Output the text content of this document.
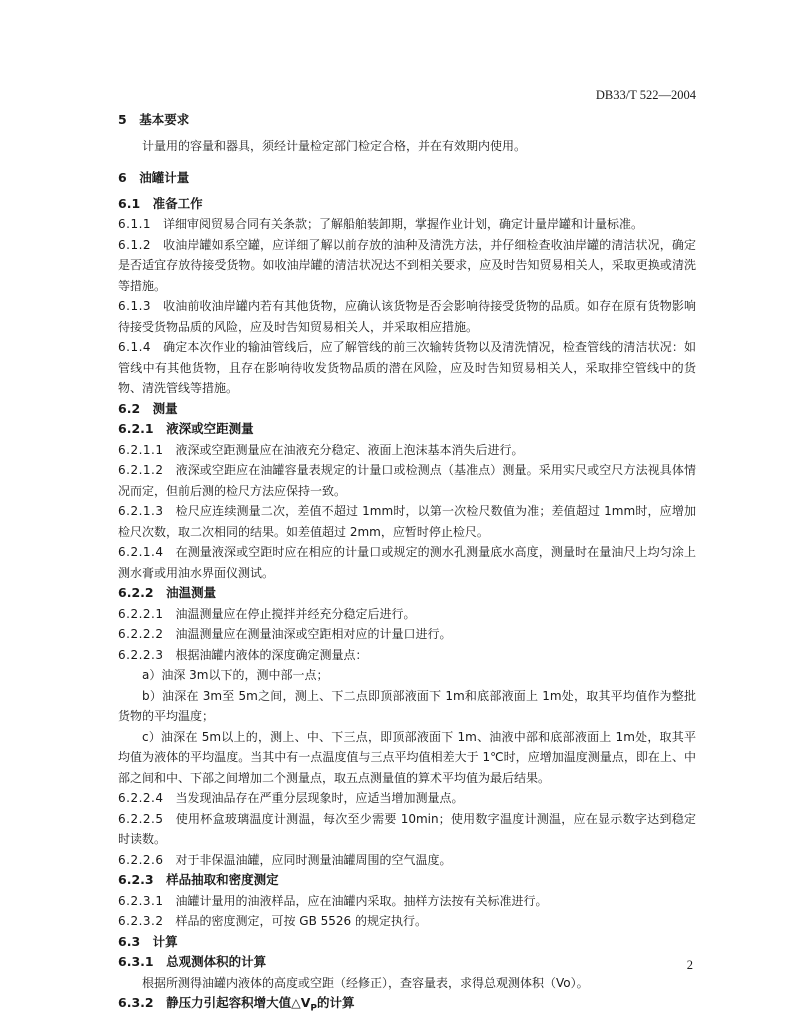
DB33/T 522—2004
5 基本要求
计量用的容量和器具，须经计量检定部门检定合格，并在有效期内使用。
6 油罐计量
6.1 准备工作
6.1.1 详细审阅贸易合同有关条款；了解船舶装卸期，掌握作业计划，确定计量岸罐和计量标准。
6.1.2 收油岸罐如系空罐，应详细了解以前存放的油种及清洗方法，并仔细检查收油岸罐的清洁状况，确定是否适宜存放待接受货物。如收油岸罐的清洁状况达不到相关要求，应及时告知贸易相关人，采取更换或清洗等措施。
6.1.3 收油前收油岸罐内若有其他货物，应确认该货物是否会影响待接受货物的品质。如存在原有货物影响待接受货物品质的风险，应及时告知贸易相关人，并采取相应措施。
6.1.4 确定本次作业的输油管线后，应了解管线的前三次输转货物以及清洗情况，检查管线的清洁状况：如管线中有其他货物，且存在影响待收发货物品质的潜在风险，应及时告知贸易相关人，采取排空管线中的货物、清洗管线等措施。
6.2 测量
6.2.1 液深或空距测量
6.2.1.1 液深或空距测量应在油液充分稳定、液面上泡沫基本消失后进行。
6.2.1.2 液深或空距应在油罐容量表规定的计量口或检测点（基准点）测量。采用实尺或空尺方法视具体情况而定，但前后测的检尺方法应保持一致。
6.2.1.3 检尺应连续测量二次，差值不超过 1mm时，以第一次检尺数值为准；差值超过 1mm时，应增加检尺次数，取二次相同的结果。如差值超过 2mm，应暂时停止检尺。
6.2.1.4 在测量液深或空距时应在相应的计量口或规定的测水孔测量底水高度，测量时在量油尺上均匀涂上测水膏或用油水界面仪测试。
6.2.2 油温测量
6.2.2.1 油温测量应在停止搅拌并经充分稳定后进行。
6.2.2.2 油温测量应在测量油深或空距相对应的计量口进行。
6.2.2.3 根据油罐内液体的深度确定测量点：
a）油深 3m以下的，测中部一点；
b）油深在 3m至 5m之间，测上、下二点即顶部液面下 1m和底部液面上 1m处，取其平均值作为整批货物的平均温度；
c）油深在 5m以上的，测上、中、下三点，即顶部液面下 1m、油液中部和底部液面上 1m处，取其平均值为液体的平均温度。当其中有一点温度值与三点平均值相差大于 1℃时，应增加温度测量点，即在上、中部之间和中、下部之间增加二个测量点，取五点测量值的算术平均值为最后结果。
6.2.2.4 当发现油品存在严重分层现象时，应适当增加测量点。
6.2.2.5 使用杯盒玻璃温度计测温，每次至少需要 10min；使用数字温度计测温，应在显示数字达到稳定时读数。
6.2.2.6 对于非保温油罐，应同时测量油罐周围的空气温度。
6.2.3 样品抽取和密度测定
6.2.3.1 油罐计量用的油液样品，应在油罐内采取。抽样方法按有关标准进行。
6.2.3.2 样品的密度测定，可按 GB 5526 的规定执行。
6.3 计算
6.3.1 总观测体积的计算
根据所测得油罐内液体的高度或空距（经修正），查容量表，求得总观测体积（Vo）。
6.3.2 静压力引起容积增大值$\triangle V_P$的计算
2
